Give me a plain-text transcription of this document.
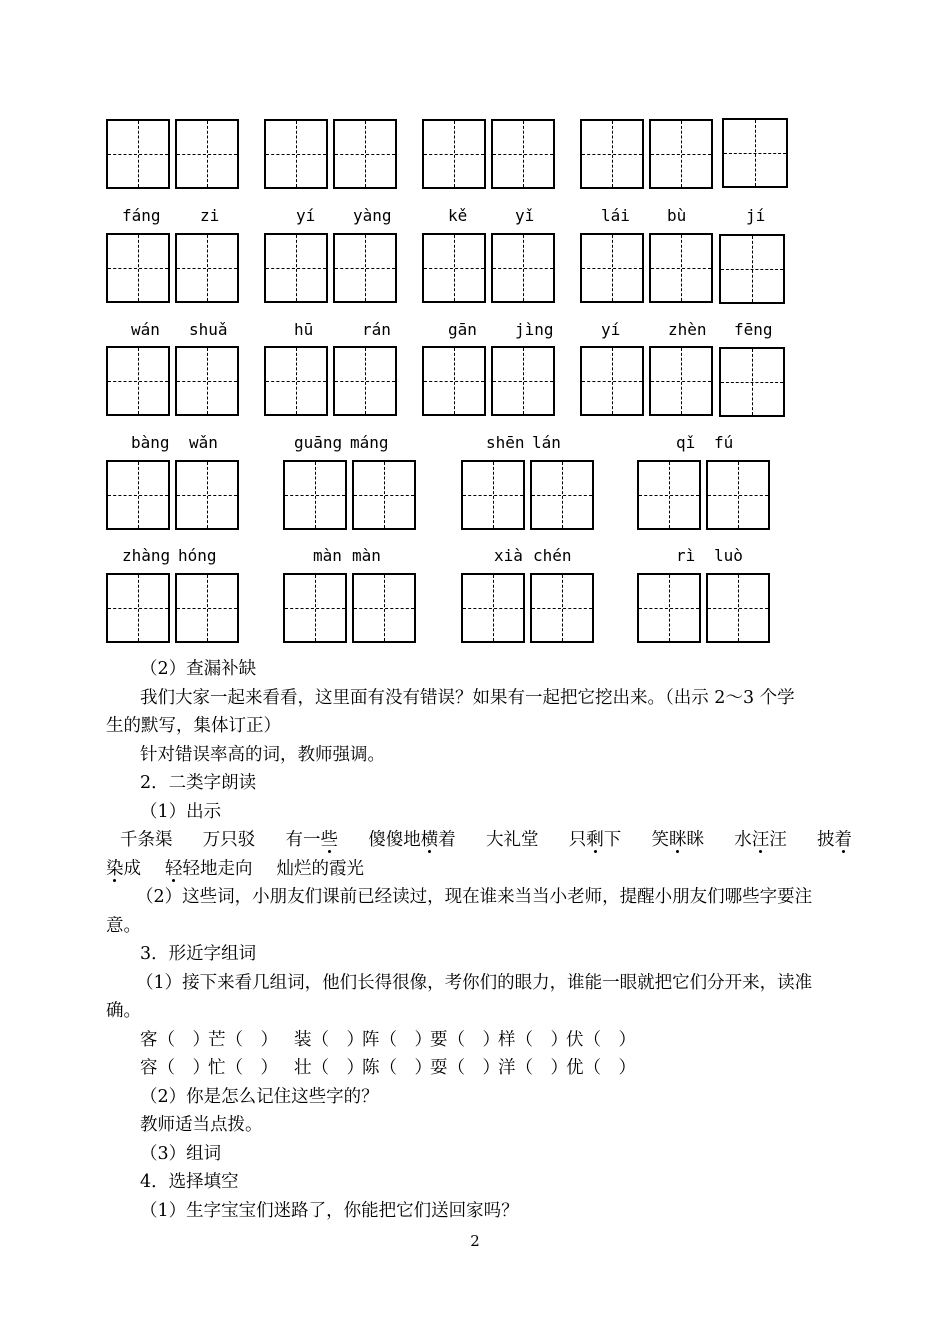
fáng zi	yí yàng	kě	yǐ	lái bù	jí
wán shuǎ	hū	rán	gān jìng	yí	zhèn fēng
bàng wǎn	guāng máng	shēn lán	qǐ fú
zhàng hóng	màn màn	xià chén	rì luò
（2）查漏补缺
我们大家一起来看看，这里面有没有错误？如果有一起把它挖出来。（出示 2～3 个学
生的默写，集体订正）
针对错误率高的词，教师强调。
2．二类字朗读
（1）出示
千条渠 万只驳 有一些 傻傻地横着 大礼堂 只剩下 笑眯眯 水汪汪 披着
染成 轻轻地走向 灿烂的霞光
（2）这些词，小朋友们课前已经读过，现在谁来当当小老师，提醒小朋友们哪些字要注
意。
3．形近字组词
（1）接下来看几组词，他们长得很像，考你们的眼力，谁能一眼就把它们分开来，读准
确。
客（　）芒（　） 装（　）阵（　）要（　）样（　）伏（　）
容（　）忙（　） 壮（　）陈（　）耍（　）洋（　）优（　）
（2）你是怎么记住这些字的？
教师适当点拨。
（3）组词
4．选择填空
（1）生字宝宝们迷路了，你能把它们送回家吗？
2
